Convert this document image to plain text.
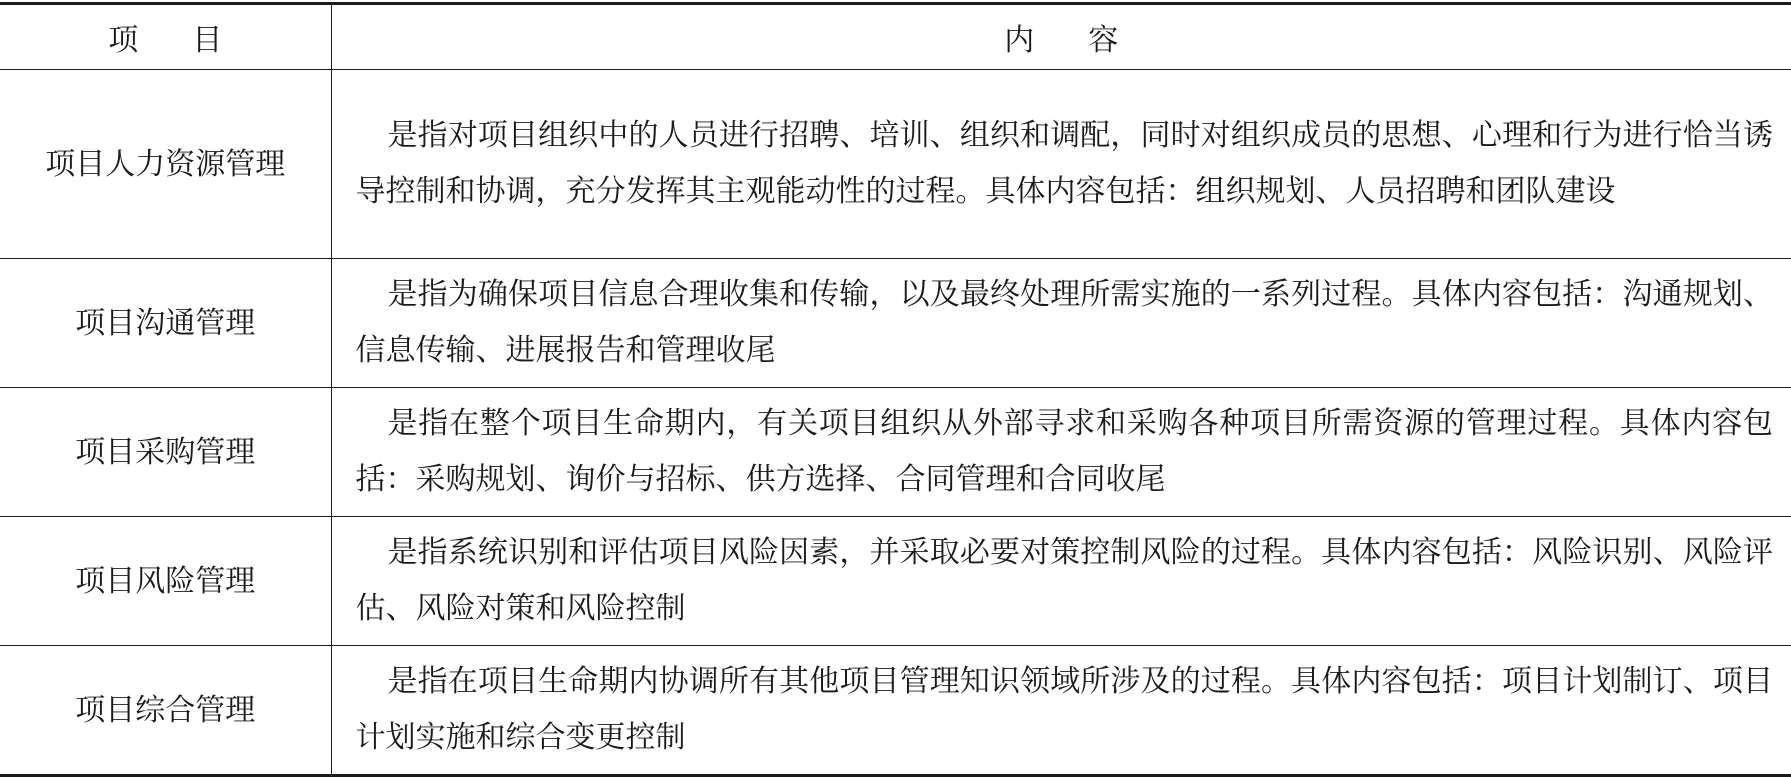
项目	内容
项目人力资源管理	是指对项目组织中的人员进行招聘、培训、组织和调配，同时对组织成员的思想、心理和行为进行恰当诱导控制和协调，充分发挥其主观能动性的过程。具体内容包括：组织规划、人员招聘和团队建设
项目沟通管理	是指为确保项目信息合理收集和传输，以及最终处理所需实施的一系列过程。具体内容包括：沟通规划、信息传输、进展报告和管理收尾
项目采购管理	是指在整个项目生命期内，有关项目组织从外部寻求和采购各种项目所需资源的管理过程。具体内容包括：采购规划、询价与招标、供方选择、合同管理和合同收尾
项目风险管理	是指系统识别和评估项目风险因素，并采取必要对策控制风险的过程。具体内容包括：风险识别、风险评估、风险对策和风险控制
项目综合管理	是指在项目生命期内协调所有其他项目管理知识领域所涉及的过程。具体内容包括：项目计划制订、项目计划实施和综合变更控制
